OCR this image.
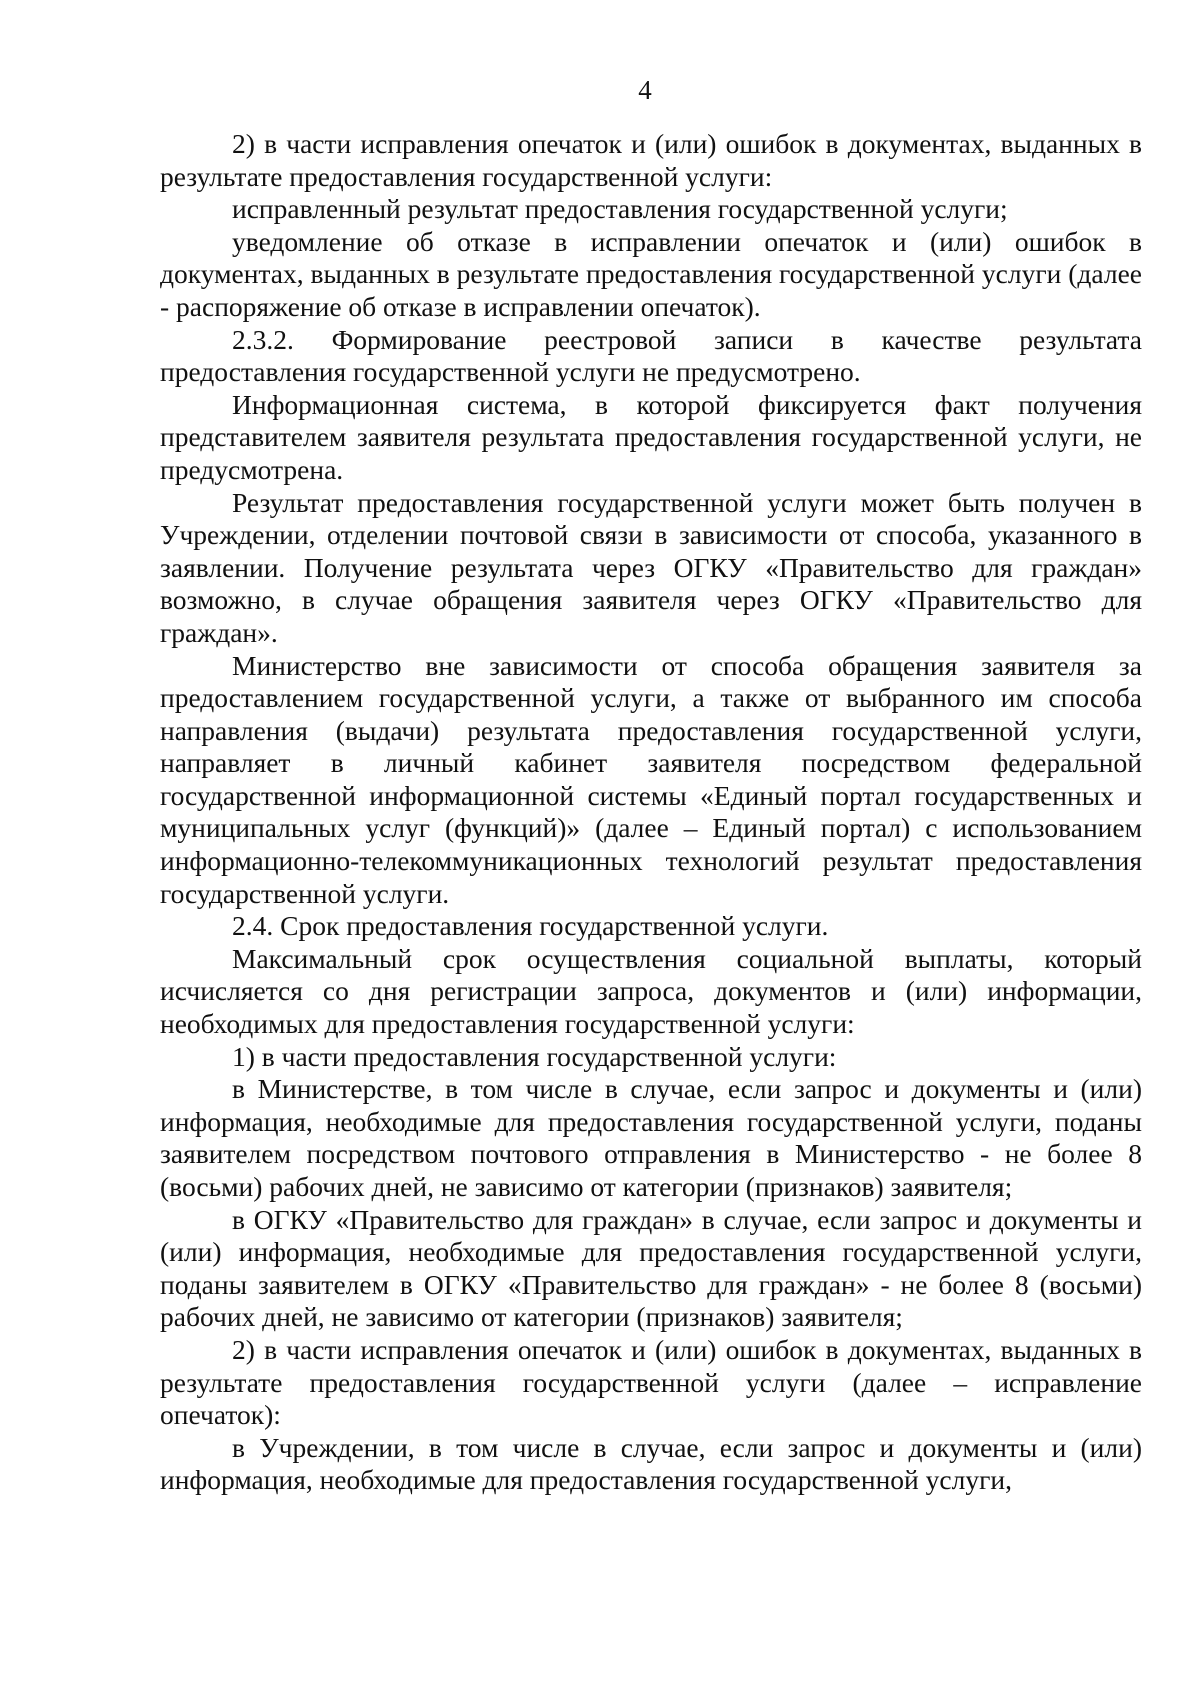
4

2) в части исправления опечаток и (или) ошибок в документах, выданных в результате предоставления государственной услуги:

исправленный результат предоставления государственной услуги;

уведомление об отказе в исправлении опечаток и (или) ошибок в документах, выданных в результате предоставления государственной услуги (далее - распоряжение об отказе в исправлении опечаток).

2.3.2. Формирование реестровой записи в качестве результата предоставления государственной услуги не предусмотрено.

Информационная система, в которой фиксируется факт получения представителем заявителя результата предоставления государственной услуги, не предусмотрена.

Результат предоставления государственной услуги может быть получен в Учреждении, отделении почтовой связи в зависимости от способа, указанного в заявлении. Получение результата через ОГКУ «Правительство для граждан» возможно, в случае обращения заявителя через ОГКУ «Правительство для граждан».

Министерство вне зависимости от способа обращения заявителя за предоставлением государственной услуги, а также от выбранного им способа направления (выдачи) результата предоставления государственной услуги, направляет в личный кабинет заявителя посредством федеральной государственной информационной системы «Единый портал государственных и муниципальных услуг (функций)» (далее – Единый портал) с использованием информационно-телекоммуникационных технологий результат предоставления государственной услуги.

2.4. Срок предоставления государственной услуги.

Максимальный срок осуществления социальной выплаты, который исчисляется со дня регистрации запроса, документов и (или) информации, необходимых для предоставления государственной услуги:

1) в части предоставления государственной услуги:

в Министерстве, в том числе в случае, если запрос и документы и (или) информация, необходимые для предоставления государственной услуги, поданы заявителем посредством почтового отправления в Министерство - не более 8 (восьми) рабочих дней, не зависимо от категории (признаков) заявителя;

в ОГКУ «Правительство для граждан» в случае, если запрос и документы и (или) информация, необходимые для предоставления государственной услуги, поданы заявителем в ОГКУ «Правительство для граждан» - не более 8 (восьми) рабочих дней, не зависимо от категории (признаков) заявителя;

2) в части исправления опечаток и (или) ошибок в документах, выданных в результате предоставления государственной услуги (далее – исправление опечаток):

в Учреждении, в том числе в случае, если запрос и документы и (или) информация, необходимые для предоставления государственной услуги,
